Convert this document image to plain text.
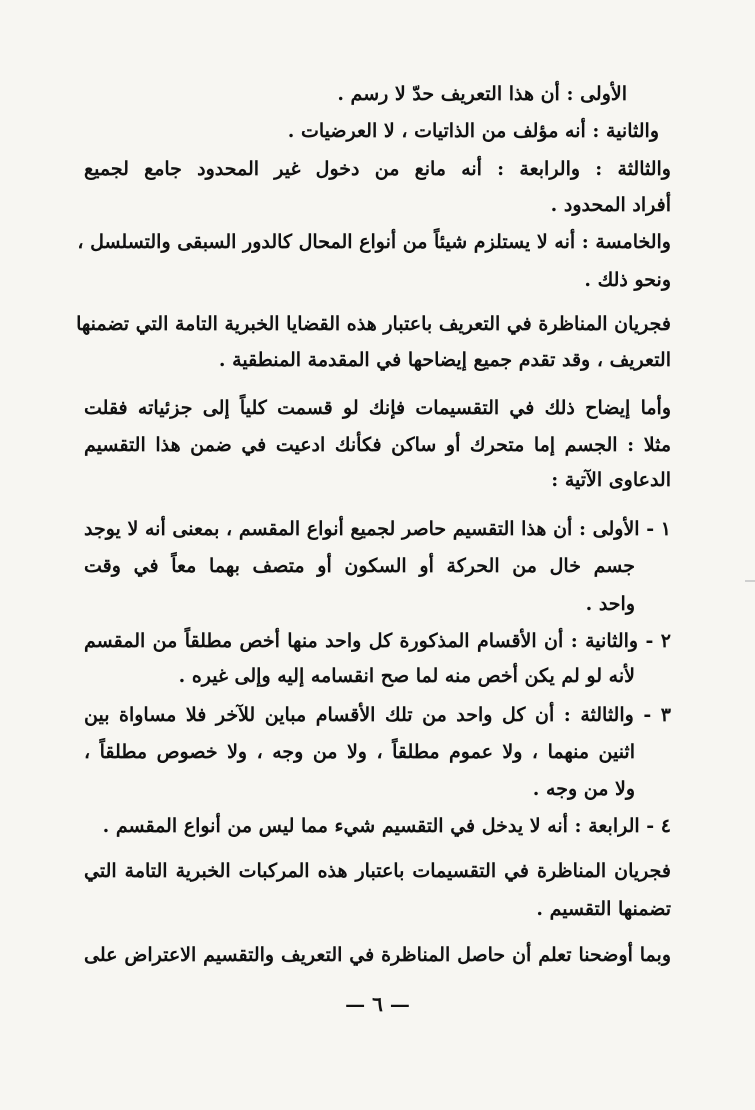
الأولى : أن هذا التعريف حدّ لا رسم .
والثانية : أنه مؤلف من الذاتيات ، لا العرضيات .
والثالثة : والرابعة : أنه مانع من دخول غير المحدود جامع لجميع
أفراد المحدود .
والخامسة : أنه لا يستلزم شيئاً من أنواع المحال كالدور السبقى والتسلسل ،
ونحو ذلك .
فجريان المناظرة في التعريف باعتبار هذه القضايا الخبرية التامة التي تضمنها
التعريف ، وقد تقدم جميع إيضاحها في المقدمة المنطقية .
وأما إيضاح ذلك في التقسيمات فإنك لو قسمت كلياً إلى جزئياته فقلت
مثلا : الجسم إما متحرك أو ساكن فكأنك ادعيت في ضمن هذا التقسيم
الدعاوى الآتية :
١ - الأولى : أن هذا التقسيم حاصر لجميع أنواع المقسم ، بمعنى أنه لا يوجد
جسم خال من الحركة أو السكون أو متصف بهما معاً في وقت
واحد .
٢ - والثانية : أن الأقسام المذكورة كل واحد منها أخص مطلقاً من المقسم
لأنه لو لم يكن أخص منه لما صح انقسامه إليه وإلى غيره .
٣ - والثالثة : أن كل واحد من تلك الأقسام مباين للآخر فلا مساواة بين
اثنين منهما ، ولا عموم مطلقاً ، ولا من وجه ، ولا خصوص مطلقاً ،
ولا من وجه .
٤ - الرابعة : أنه لا يدخل في التقسيم شيء مما ليس من أنواع المقسم .
فجريان المناظرة في التقسيمات باعتبار هذه المركبات الخبرية التامة التي
تضمنها التقسيم .
وبما أوضحنا تعلم أن حاصل المناظرة في التعريف والتقسيم الاعتراض على
— ٦ —
